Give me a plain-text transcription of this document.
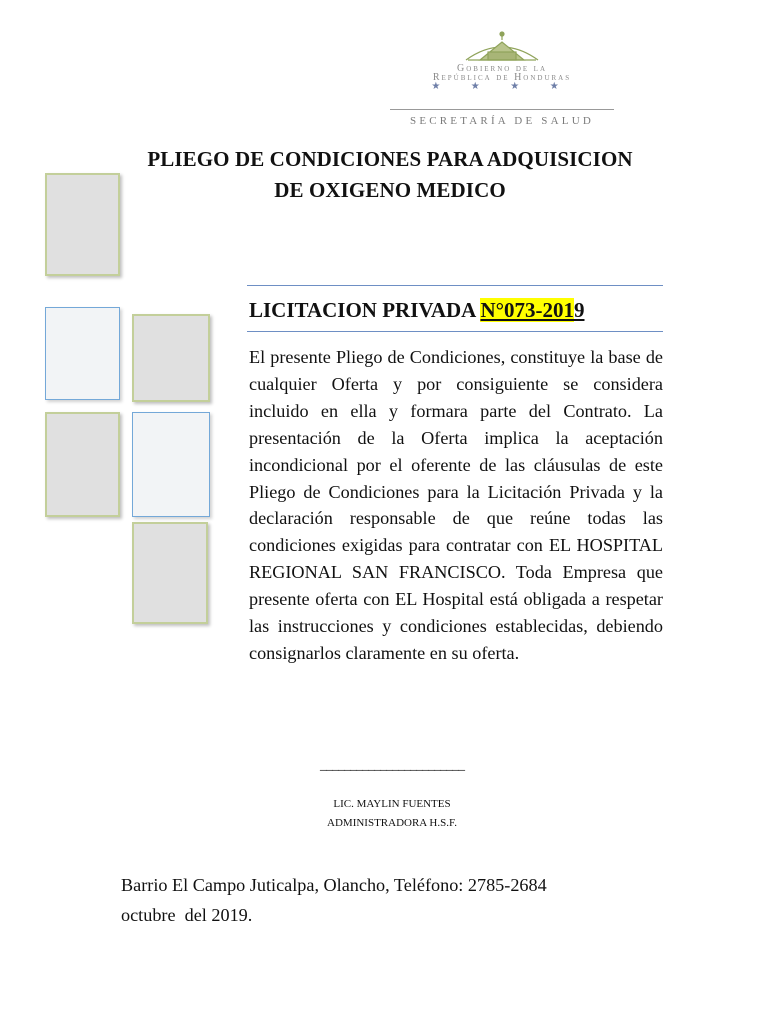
Gobierno de la
República de Honduras
★ ★ ★ ★
SECRETARÍA DE SALUD
PLIEGO DE CONDICIONES PARA ADQUISICION
DE OXIGENO MEDICO
LICITACION PRIVADA N°073-2019
El presente Pliego de Condiciones, constituye la base de cualquier Oferta y por consiguiente se considera incluido en ella y formara parte del Contrato. La presentación de la Oferta implica la aceptación incondicional por el oferente de las cláusulas de este Pliego de Condiciones para la Licitación Privada y la declaración responsable de que reúne todas las condiciones exigidas para contratar con EL HOSPITAL REGIONAL SAN FRANCISCO. Toda Empresa que presente oferta con EL Hospital está obligada a respetar las instrucciones y condiciones establecidas, debiendo consignarlos claramente en su oferta.
________________________
LIC. MAYLIN FUENTES
ADMINISTRADORA H.S.F.
Barrio El Campo Juticalpa, Olancho, Teléfono: 2785-2684
octubre  del 2019.
